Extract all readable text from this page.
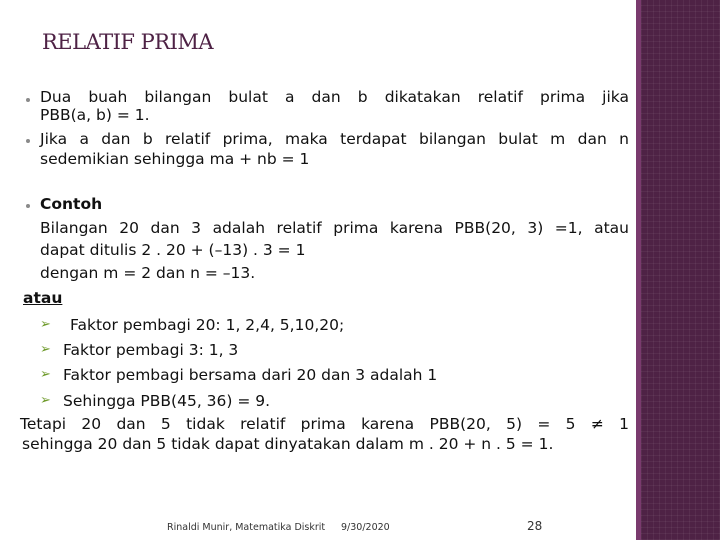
RELATIF PRIMA
Dua buah bilangan bulat a dan b dikatakan relatif prima jika
PBB(a, b) = 1.
Jika a dan b relatif prima, maka terdapat bilangan bulat m dan n
sedemikian sehingga ma + nb = 1
Contoh
Bilangan 20 dan 3 adalah relatif prima karena PBB(20, 3) =1, atau
dapat ditulis 2 . 20 + (–13) . 3 = 1
dengan m = 2 dan n = –13.
atau
➢ Faktor pembagi 20: 1, 2,4, 5,10,20;
➢ Faktor pembagi 3: 1, 3
➢ Faktor pembagi bersama dari 20 dan 3 adalah 1
➢ Sehingga PBB(45, 36) = 9.
Tetapi 20 dan 5 tidak relatif prima karena PBB(20, 5) = 5 ≠ 1
sehingga 20 dan 5 tidak dapat dinyatakan dalam m . 20 + n . 5 = 1.
Rinaldi Munir, Matematika Diskrit 9/30/2020	28
